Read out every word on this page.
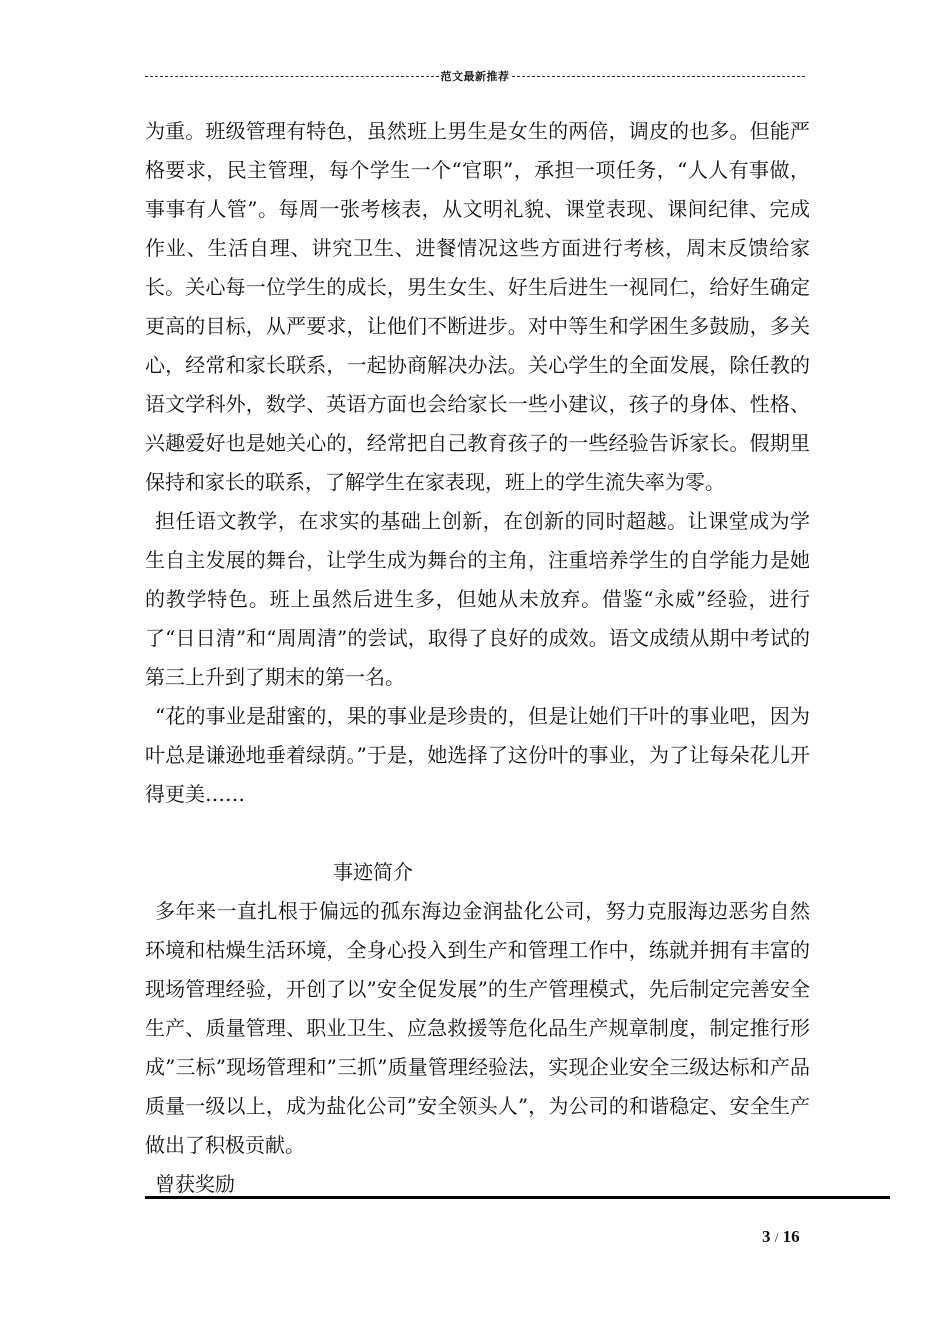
范文最新推荐

为重。班级管理有特色，虽然班上男生是女生的两倍，调皮的也多。但能严格要求，民主管理，每个学生一个“官职”，承担一项任务，“人人有事做，事事有人管”。每周一张考核表，从文明礼貌、课堂表现、课间纪律、完成作业、生活自理、讲究卫生、进餐情况这些方面进行考核，周末反馈给家长。关心每一位学生的成长，男生女生、好生后进生一视同仁，给好生确定更高的目标，从严要求，让他们不断进步。对中等生和学困生多鼓励，多关心，经常和家长联系，一起协商解决办法。关心学生的全面发展，除任教的语文学科外，数学、英语方面也会给家长一些小建议，孩子的身体、性格、兴趣爱好也是她关心的，经常把自己教育孩子的一些经验告诉家长。假期里保持和家长的联系，了解学生在家表现，班上的学生流失率为零。

担任语文教学，在求实的基础上创新，在创新的同时超越。让课堂成为学生自主发展的舞台，让学生成为舞台的主角，注重培养学生的自学能力是她的教学特色。班上虽然后进生多，但她从未放弃。借鉴“永威”经验，进行了“日日清”和“周周清”的尝试，取得了良好的成效。语文成绩从期中考试的第三上升到了期末的第一名。

“花的事业是甜蜜的，果的事业是珍贵的，但是让她们干叶的事业吧，因为叶总是谦逊地垂着绿荫。”于是，她选择了这份叶的事业，为了让每朵花儿开得更美……

事迹简介

多年来一直扎根于偏远的孤东海边金润盐化公司，努力克服海边恶劣自然环境和枯燥生活环境，全身心投入到生产和管理工作中，练就并拥有丰富的现场管理经验，开创了以”安全促发展”的生产管理模式，先后制定完善安全生产、质量管理、职业卫生、应急救援等危化品生产规章制度，制定推行形成”三标”现场管理和”三抓”质量管理经验法，实现企业安全三级达标和产品质量一级以上，成为盐化公司”安全领头人”，为公司的和谐稳定、安全生产做出了积极贡献。

曾获奖励

3 / 16
